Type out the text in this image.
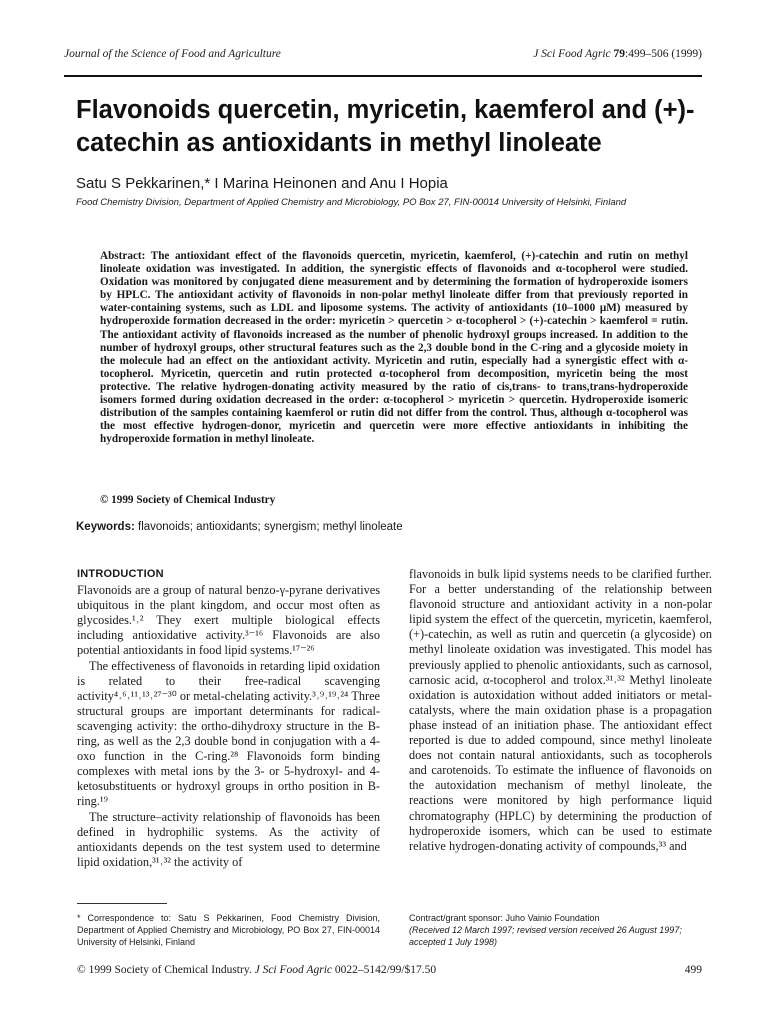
Journal of the Science of Food and Agriculture	J Sci Food Agric 79:499–506 (1999)
Flavonoids quercetin, myricetin, kaemferol and (+)-catechin as antioxidants in methyl linoleate
Satu S Pekkarinen,* I Marina Heinonen and Anu I Hopia
Food Chemistry Division, Department of Applied Chemistry and Microbiology, PO Box 27, FIN-00014 University of Helsinki, Finland

Abstract: The antioxidant effect of the flavonoids quercetin, myricetin, kaemferol, (+)-catechin and rutin on methyl linoleate oxidation was investigated. In addition, the synergistic effects of flavonoids and α-tocopherol were studied. Oxidation was monitored by conjugated diene measurement and by determining the formation of hydroperoxide isomers by HPLC. The antioxidant activity of flavonoids in non-polar methyl linoleate differ from that previously reported in water-containing systems, such as LDL and liposome systems. The activity of antioxidants (10–1000 μM) measured by hydroperoxide formation decreased in the order: myricetin > quercetin > α-tocopherol > (+)-catechin > kaemferol = rutin. The antioxidant activity of flavonoids increased as the number of phenolic hydroxyl groups increased. In addition to the number of hydroxyl groups, other structural features such as the 2,3 double bond in the C-ring and a glycoside moiety in the molecule had an effect on the antioxidant activity. Myricetin and rutin, especially had a synergistic effect with α-tocopherol. Myricetin, quercetin and rutin protected α-tocopherol from decomposition, myricetin being the most protective. The relative hydrogen-donating activity measured by the ratio of cis,trans- to trans,trans-hydroperoxide isomers formed during oxidation decreased in the order: α-tocopherol > myricetin > quercetin. Hydroperoxide isomeric distribution of the samples containing kaemferol or rutin did not differ from the control. Thus, although α-tocopherol was the most effective hydrogen-donor, myricetin and quercetin were more effective antioxidants in inhibiting the hydroperoxide formation in methyl linoleate.

© 1999 Society of Chemical Industry
Keywords: flavonoids; antioxidants; synergism; methyl linoleate
INTRODUCTION

Flavonoids are a group of natural benzo-γ-pyrane derivatives ubiquitous in the plant kingdom, and occur most often as glycosides.¹˒² They exert multiple biological effects including antioxidative activity.³⁻¹⁶ Flavonoids are also potential antioxidants in food lipid systems.¹⁷⁻²⁶

The effectiveness of flavonoids in retarding lipid oxidation is related to their free-radical scavenging activity⁴˒⁶˒¹¹˒¹³˒²⁷⁻³⁰ or metal-chelating activity.³˒⁹˒¹⁹˒²⁴ Three structural groups are important determinants for radical-scavenging activity: the ortho-dihydroxy structure in the B-ring, as well as the 2,3 double bond in conjugation with a 4-oxo function in the C-ring.²⁸ Flavonoids form binding complexes with metal ions by the 3- or 5-hydroxyl- and 4-ketosubstituents or hydroxyl groups in ortho position in B-ring.¹⁹

The structure–activity relationship of flavonoids has been defined in hydrophilic systems. As the activity of antioxidants depends on the test system used to determine lipid oxidation,³¹˒³² the activity of

flavonoids in bulk lipid systems needs to be clarified further. For a better understanding of the relationship between flavonoid structure and antioxidant activity in a non-polar lipid system the effect of the quercetin, myricetin, kaemferol, (+)-catechin, as well as rutin and quercetin (a glycoside) on methyl linoleate oxidation was investigated. This model has previously applied to phenolic antioxidants, such as carnosol, carnosic acid, α-tocopherol and trolox.³¹˒³² Methyl linoleate oxidation is autoxidation without added initiators or metal-catalysts, where the main oxidation phase is a propagation phase instead of an initiation phase. The antioxidant effect reported is due to added compound, since methyl linoleate does not contain natural antioxidants, such as tocopherols and carotenoids. To estimate the influence of flavonoids on the autoxidation mechanism of methyl linoleate, the reactions were monitored by high performance liquid chromatography (HPLC) by determining the production of hydroperoxide isomers, which can be used to estimate relative hydrogen-donating activity of compounds,³³ and

* Correspondence to: Satu S Pekkarinen, Food Chemistry Division, Department of Applied Chemistry and Microbiology, PO Box 27, FIN-00014 University of Helsinki, Finland
Contract/grant sponsor: Juho Vainio Foundation
(Received 12 March 1997; revised version received 26 August 1997; accepted 1 July 1998)
© 1999 Society of Chemical Industry. J Sci Food Agric 0022–5142/99/$17.50	499
